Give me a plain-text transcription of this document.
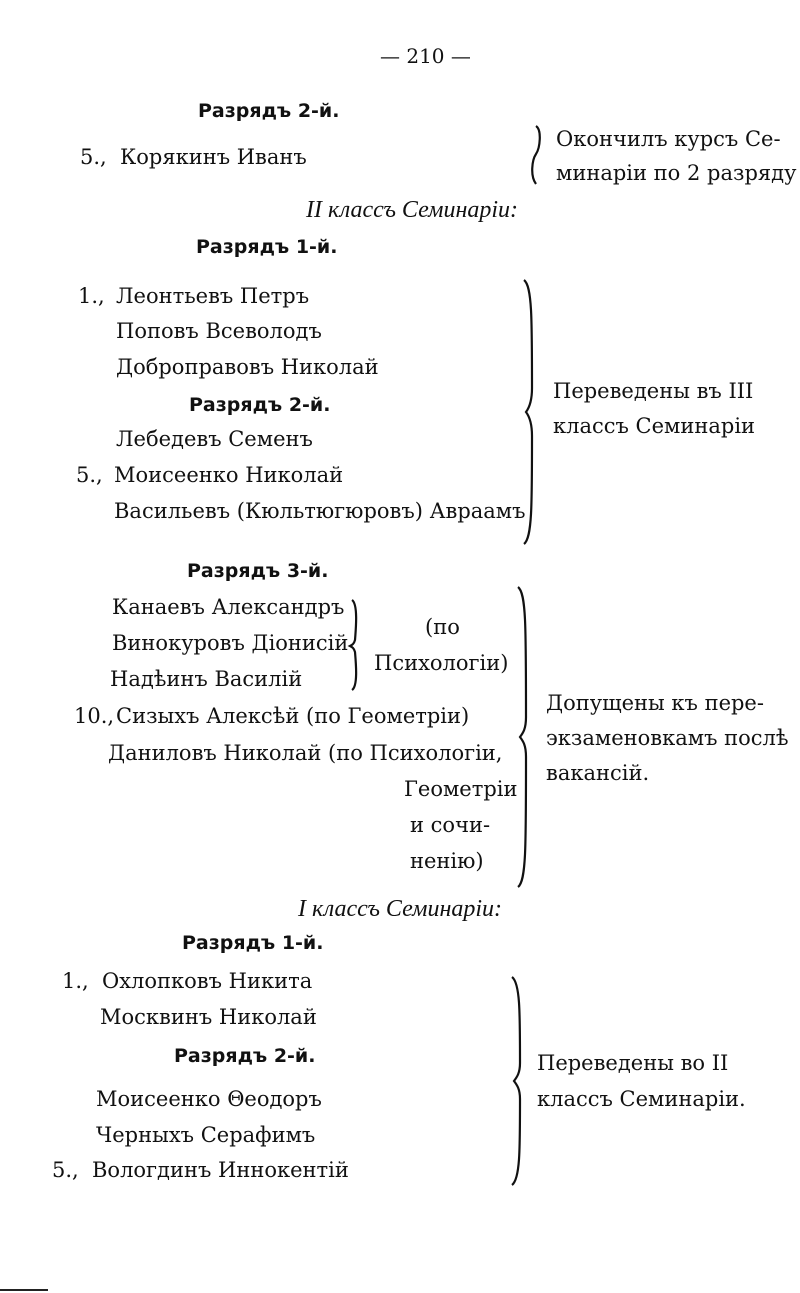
— 210 —
Разрядъ 2-й.
5., Корякинъ Иванъ
Окончилъ курсъ Се-
минаріи по 2 разряду
II классъ Семинаріи:
Разрядъ 1-й.
1., Леонтьевъ Петръ
Поповъ Всеволодъ
Доброправовъ Николай
Разрядъ 2-й.
Лебедевъ Семенъ
5., Моисеенко Николай
Васильевъ (Кюльтюгюровъ) Авраамъ
Переведены въ III
классъ Семинаріи
Разрядъ 3-й.
Канаевъ Александръ
Винокуровъ Діонисій
Надѣинъ Василій
(по
Психологіи)
10., Сизыхъ Алексѣй (по Геометріи)
Даниловъ Николай (по Психологіи,
Геометріи
и сочи-
ненію)
Допущены къ пере-
экзаменовкамъ послѣ
вакансій.
I классъ Семинаріи:
Разрядъ 1-й.
1., Охлопковъ Никита
Москвинъ Николай
Разрядъ 2-й.
Моисеенко Θеодоръ
Черныхъ Серафимъ
5., Вологдинъ Иннокентій
Переведены во II
классъ Семинаріи.
